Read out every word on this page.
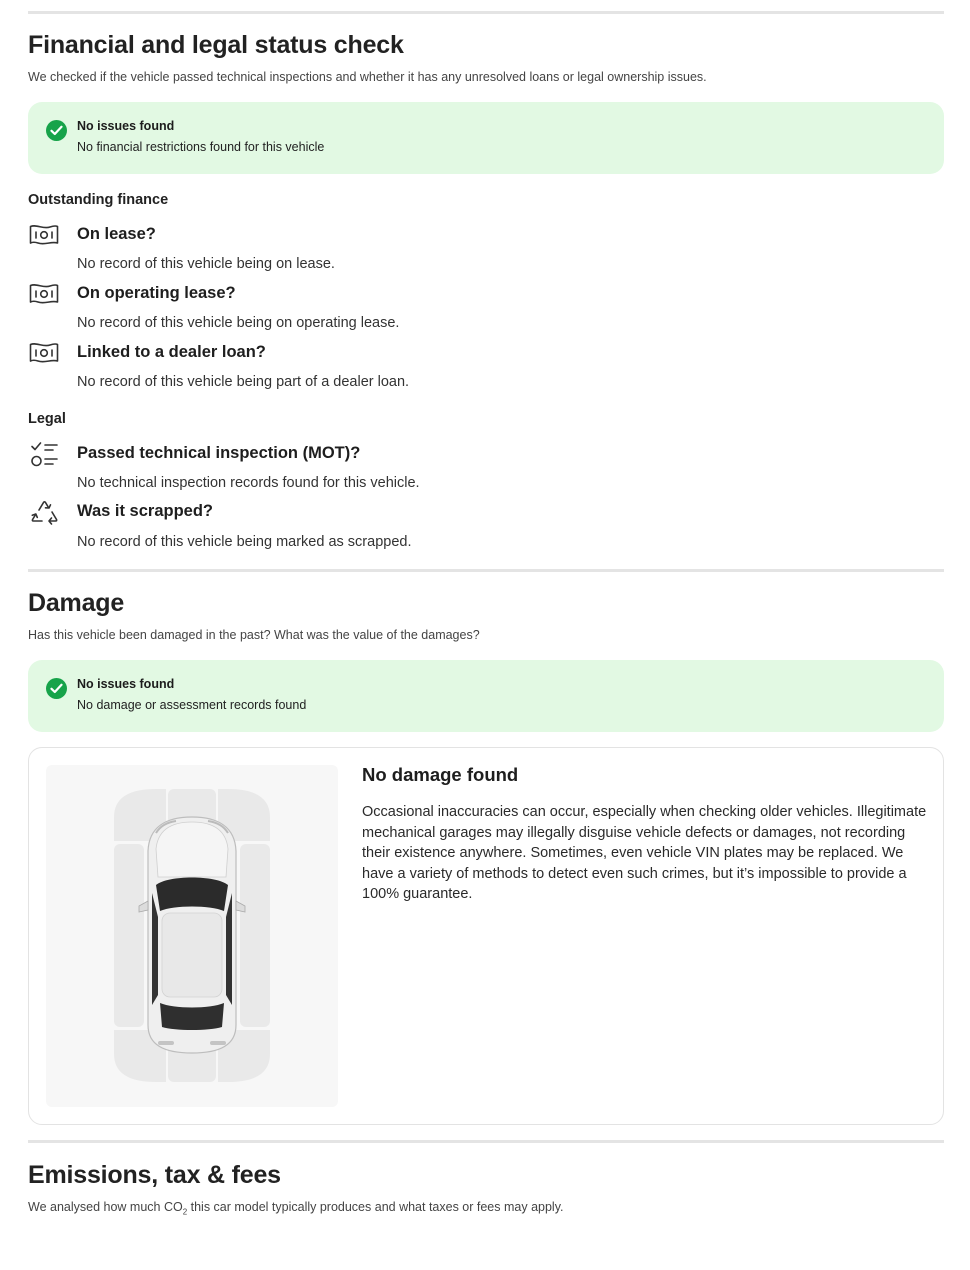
Financial and legal status check
We checked if the vehicle passed technical inspections and whether it has any unresolved loans or legal ownership issues.
No issues found
No financial restrictions found for this vehicle
Outstanding finance
On lease?
No record of this vehicle being on lease.
On operating lease?
No record of this vehicle being on operating lease.
Linked to a dealer loan?
No record of this vehicle being part of a dealer loan.
Legal
Passed technical inspection (MOT)?
No technical inspection records found for this vehicle.
Was it scrapped?
No record of this vehicle being marked as scrapped.
Damage
Has this vehicle been damaged in the past? What was the value of the damages?
No issues found
No damage or assessment records found
No damage found
Occasional inaccuracies can occur, especially when checking older vehicles. Illegitimate mechanical garages may illegally disguise vehicle defects or damages, not recording their existence anywhere. Sometimes, even vehicle VIN plates may be replaced. We have a variety of methods to detect even such crimes, but it’s impossible to provide a 100% guarantee.
Emissions, tax & fees
We analysed how much $CO_2$ this car model typically produces and what taxes or fees may apply.
